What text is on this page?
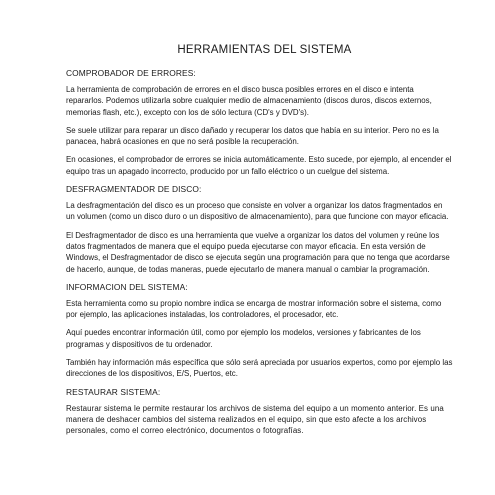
HERRAMIENTAS DEL SISTEMA
COMPROBADOR DE ERRORES:

La herramienta de comprobación de errores en el disco busca posibles errores en el disco e intenta repararlos. Podemos utilizarla sobre cualquier medio de almacenamiento (discos duros, discos externos, memorias flash, etc.), excepto con los de sólo lectura (CD's y DVD's).

Se suele utilizar para reparar un disco dañado y recuperar los datos que había en su interior. Pero no es la panacea, habrá ocasiones en que no será posible la recuperación.

En ocasiones, el comprobador de errores se inicia automáticamente. Esto sucede, por ejemplo, al encender el equipo tras un apagado incorrecto, producido por un fallo eléctrico o un cuelgue del sistema.

DESFRAGMENTADOR DE DISCO:

La desfragmentación del disco es un proceso que consiste en volver a organizar los datos fragmentados en un volumen (como un disco duro o un dispositivo de almacenamiento), para que funcione con mayor eficacia.

El Desfragmentador de disco es una herramienta que vuelve a organizar los datos del volumen y reúne los datos fragmentados de manera que el equipo pueda ejecutarse con mayor eficacia. En esta versión de Windows, el Desfragmentador de disco se ejecuta según una programación para que no tenga que acordarse de hacerlo, aunque, de todas maneras, puede ejecutarlo de manera manual o cambiar la programación.

INFORMACION DEL SISTEMA:

Esta herramienta como su propio nombre indica se encarga de mostrar información sobre el sistema, como por ejemplo, las aplicaciones instaladas, los controladores, el procesador, etc.

Aquí puedes encontrar información útil, como por ejemplo los modelos, versiones y fabricantes de los programas y dispositivos de tu ordenador.

También hay información más específica que sólo será apreciada por usuarios expertos, como por ejemplo las direcciones de los dispositivos, E/S, Puertos, etc.

RESTAURAR SISTEMA:

Restaurar sistema le permite restaurar los archivos de sistema del equipo a un momento anterior. Es una manera de deshacer cambios del sistema realizados en el equipo, sin que esto afecte a los archivos personales, como el correo electrónico, documentos o fotografías.
